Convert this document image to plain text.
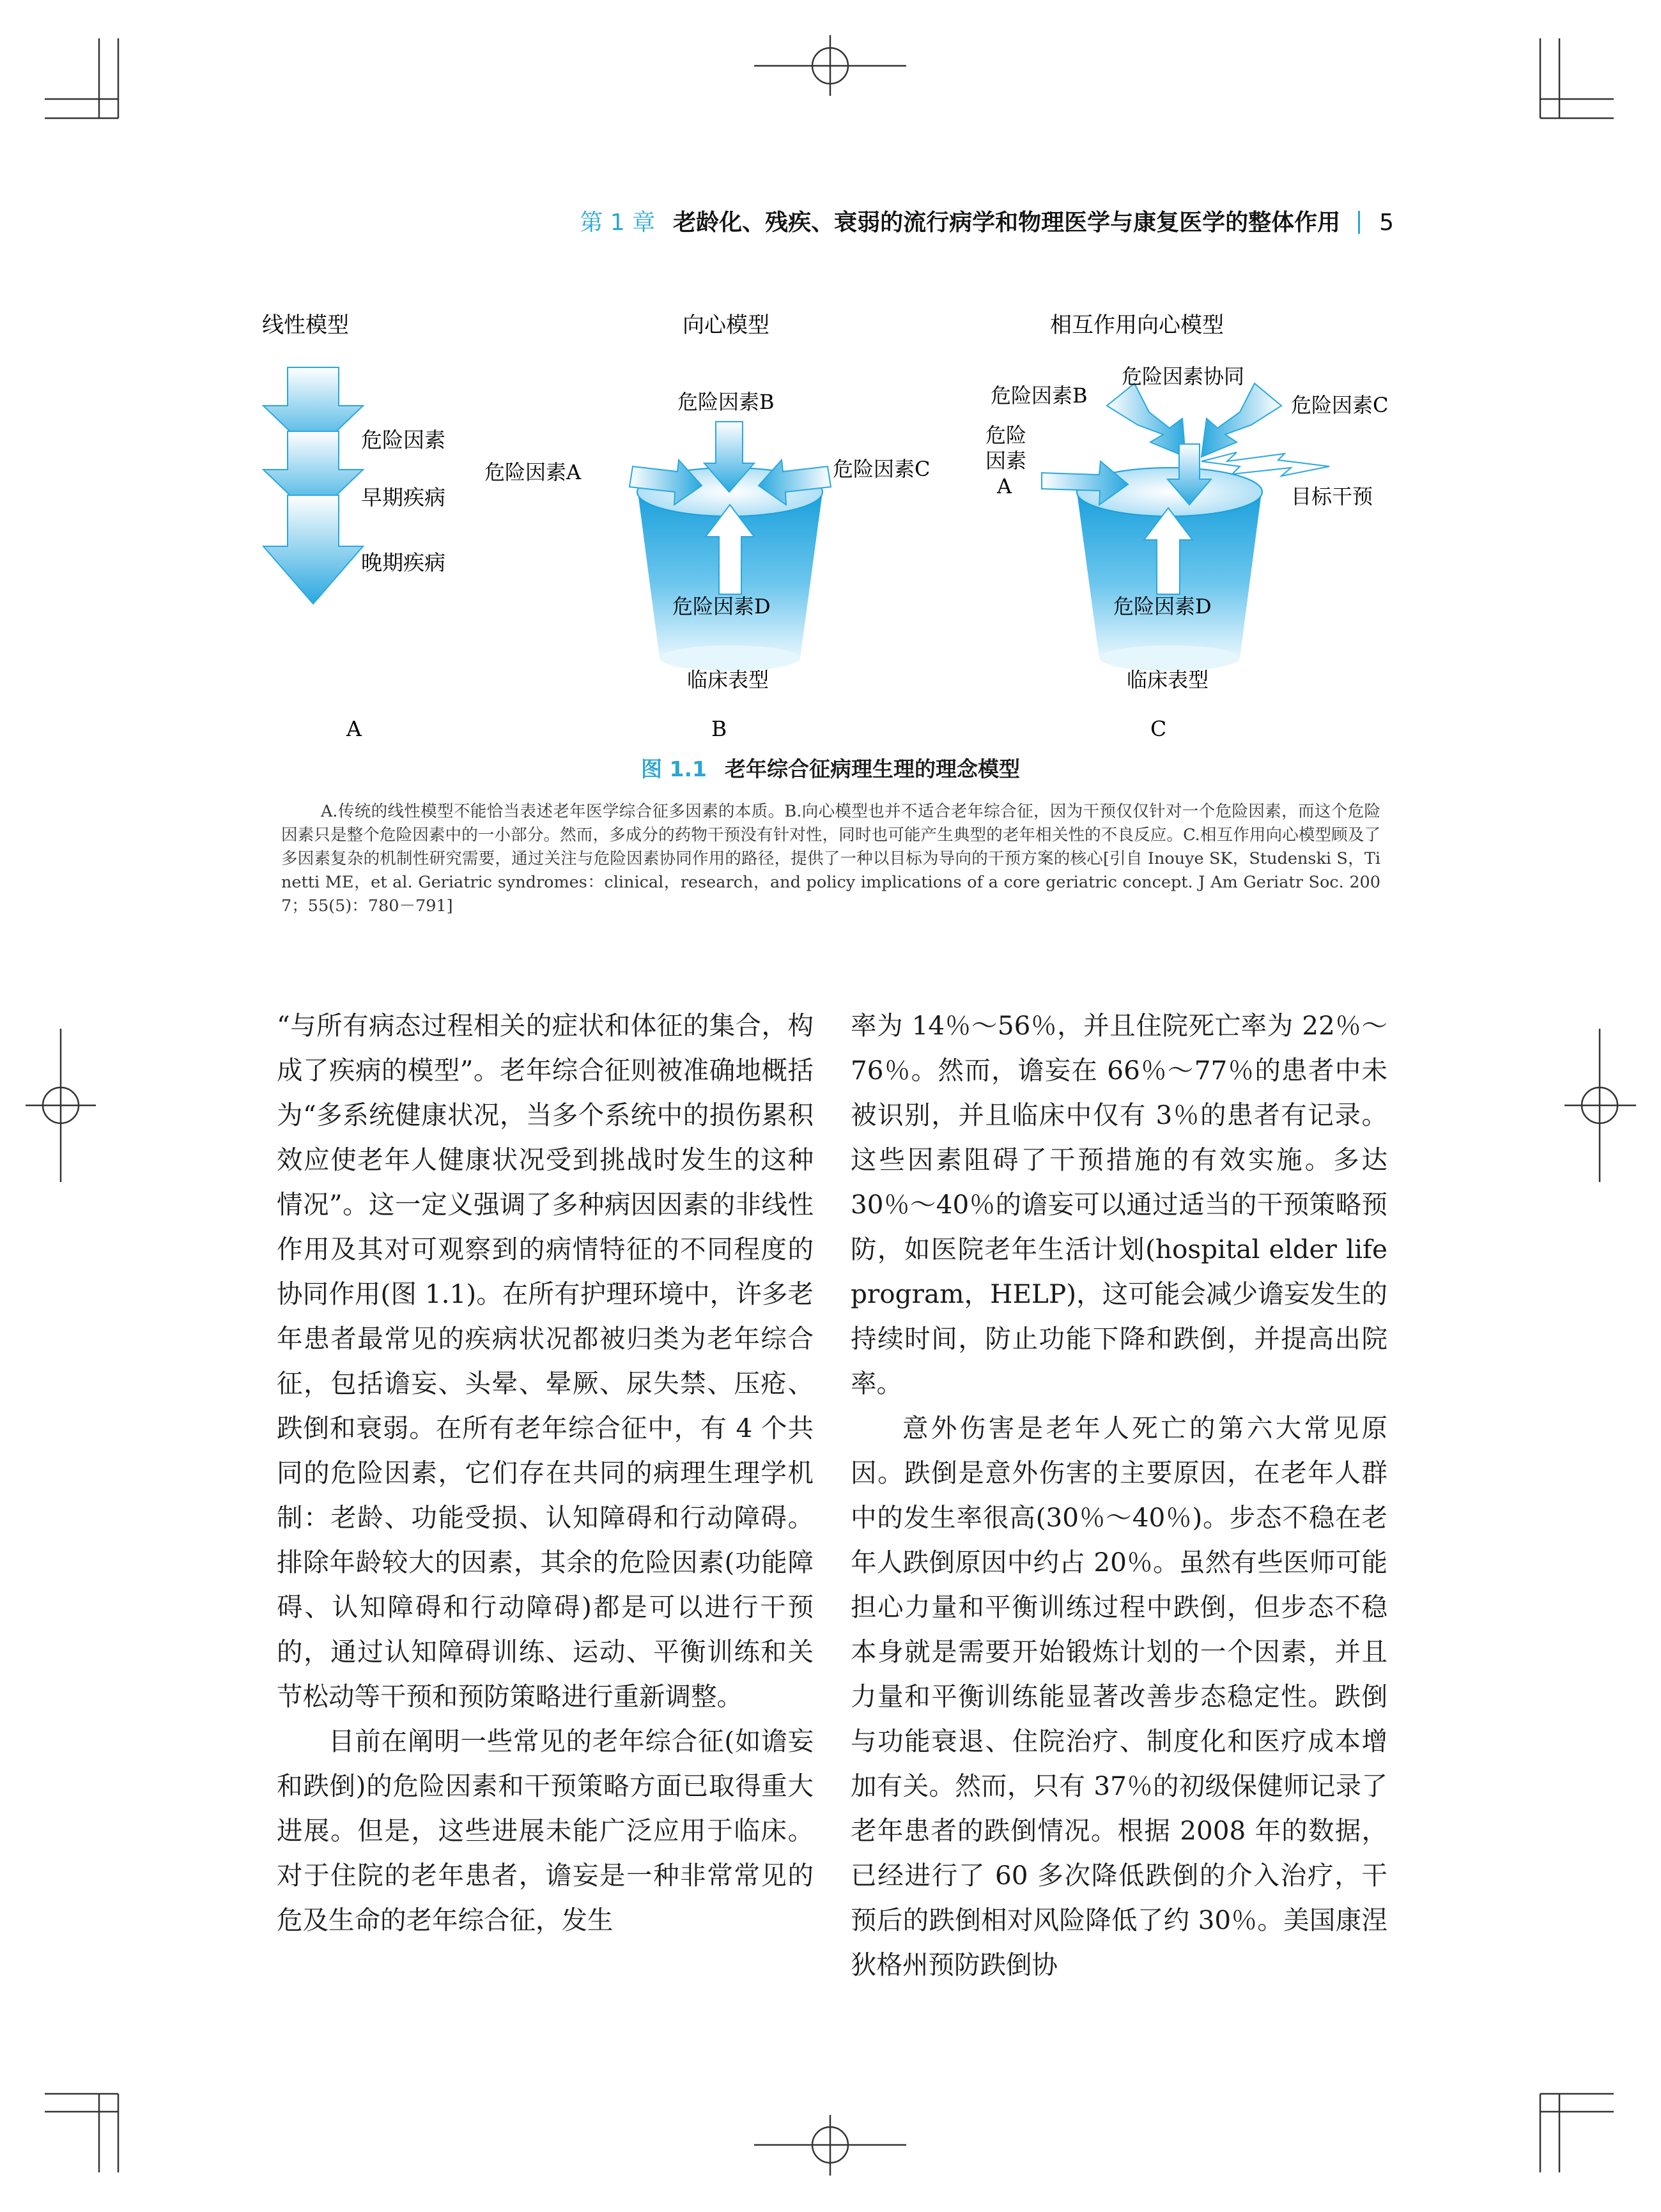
第 1 章 老龄化、残疾、衰弱的流行病学和物理医学与康复医学的整体作用 5
线性模型
危险因素
早期疾病
晚期疾病
A
向心模型
危险因素B
危险因素A	危险因素C
危险因素D
临床表型
B
相互作用向心模型
危险因素协同
危险因素B	危险因素C
危险
因素
A	目标干预
危险因素D
临床表型
C
图 1.1 老年综合征病理生理的理念模型
A.传统的线性模型不能恰当表述老年医学综合征多因素的本质。B.向心模型也并不适合老年综合征，因为干预仅仅针对一个危险因素，而这个危险因素只是整个危险因素中的一小部分。然而，多成分的药物干预没有针对性，同时也可能产生典型的老年相关性的不良反应。C.相互作用向心模型顾及了多因素复杂的机制性研究需要，通过关注与危险因素协同作用的路径，提供了一种以目标为导向的干预方案的核心[引自 Inouye SK，Studenski S，Tinetti ME，et al. Geriatric syndromes：clinical，research，and policy implications of a core geriatric concept. J Am Geriatr Soc. 2007；55(5)：780－791]

“与所有病态过程相关的症状和体征的集合，构成了疾病的模型”。老年综合征则被准确地概括为“多系统健康状况，当多个系统中的损伤累积效应使老年人健康状况受到挑战时发生的这种情况”。这一定义强调了多种病因因素的非线性作用及其对可观察到的病情特征的不同程度的协同作用(图 1.1)。在所有护理环境中，许多老年患者最常见的疾病状况都被归类为老年综合征，包括谵妄、头晕、晕厥、尿失禁、压疮、跌倒和衰弱。在所有老年综合征中，有 4 个共同的危险因素，它们存在共同的病理生理学机制：老龄、功能受损、认知障碍和行动障碍。排除年龄较大的因素，其余的危险因素(功能障碍、认知障碍和行动障碍)都是可以进行干预的，通过认知障碍训练、运动、平衡训练和关节松动等干预和预防策略进行重新调整。

目前在阐明一些常见的老年综合征(如谵妄和跌倒)的危险因素和干预策略方面已取得重大进展。但是，这些进展未能广泛应用于临床。对于住院的老年患者，谵妄是一种非常常见的危及生命的老年综合征，发生

率为 14％～56％，并且住院死亡率为 22％～76％。然而，谵妄在 66％～77％的患者中未被识别，并且临床中仅有 3％的患者有记录。这些因素阻碍了干预措施的有效实施。多达 30％～40％的谵妄可以通过适当的干预策略预防，如医院老年生活计划(hospital elder life program，HELP)，这可能会减少谵妄发生的持续时间，防止功能下降和跌倒，并提高出院率。

意外伤害是老年人死亡的第六大常见原因。跌倒是意外伤害的主要原因，在老年人群中的发生率很高(30％～40％)。步态不稳在老年人跌倒原因中约占 20％。虽然有些医师可能担心力量和平衡训练过程中跌倒，但步态不稳本身就是需要开始锻炼计划的一个因素，并且力量和平衡训练能显著改善步态稳定性。跌倒与功能衰退、住院治疗、制度化和医疗成本增加有关。然而，只有 37％的初级保健师记录了老年患者的跌倒情况。根据 2008 年的数据，已经进行了 60 多次降低跌倒的介入治疗，干预后的跌倒相对风险降低了约 30％。美国康涅狄格州预防跌倒协
